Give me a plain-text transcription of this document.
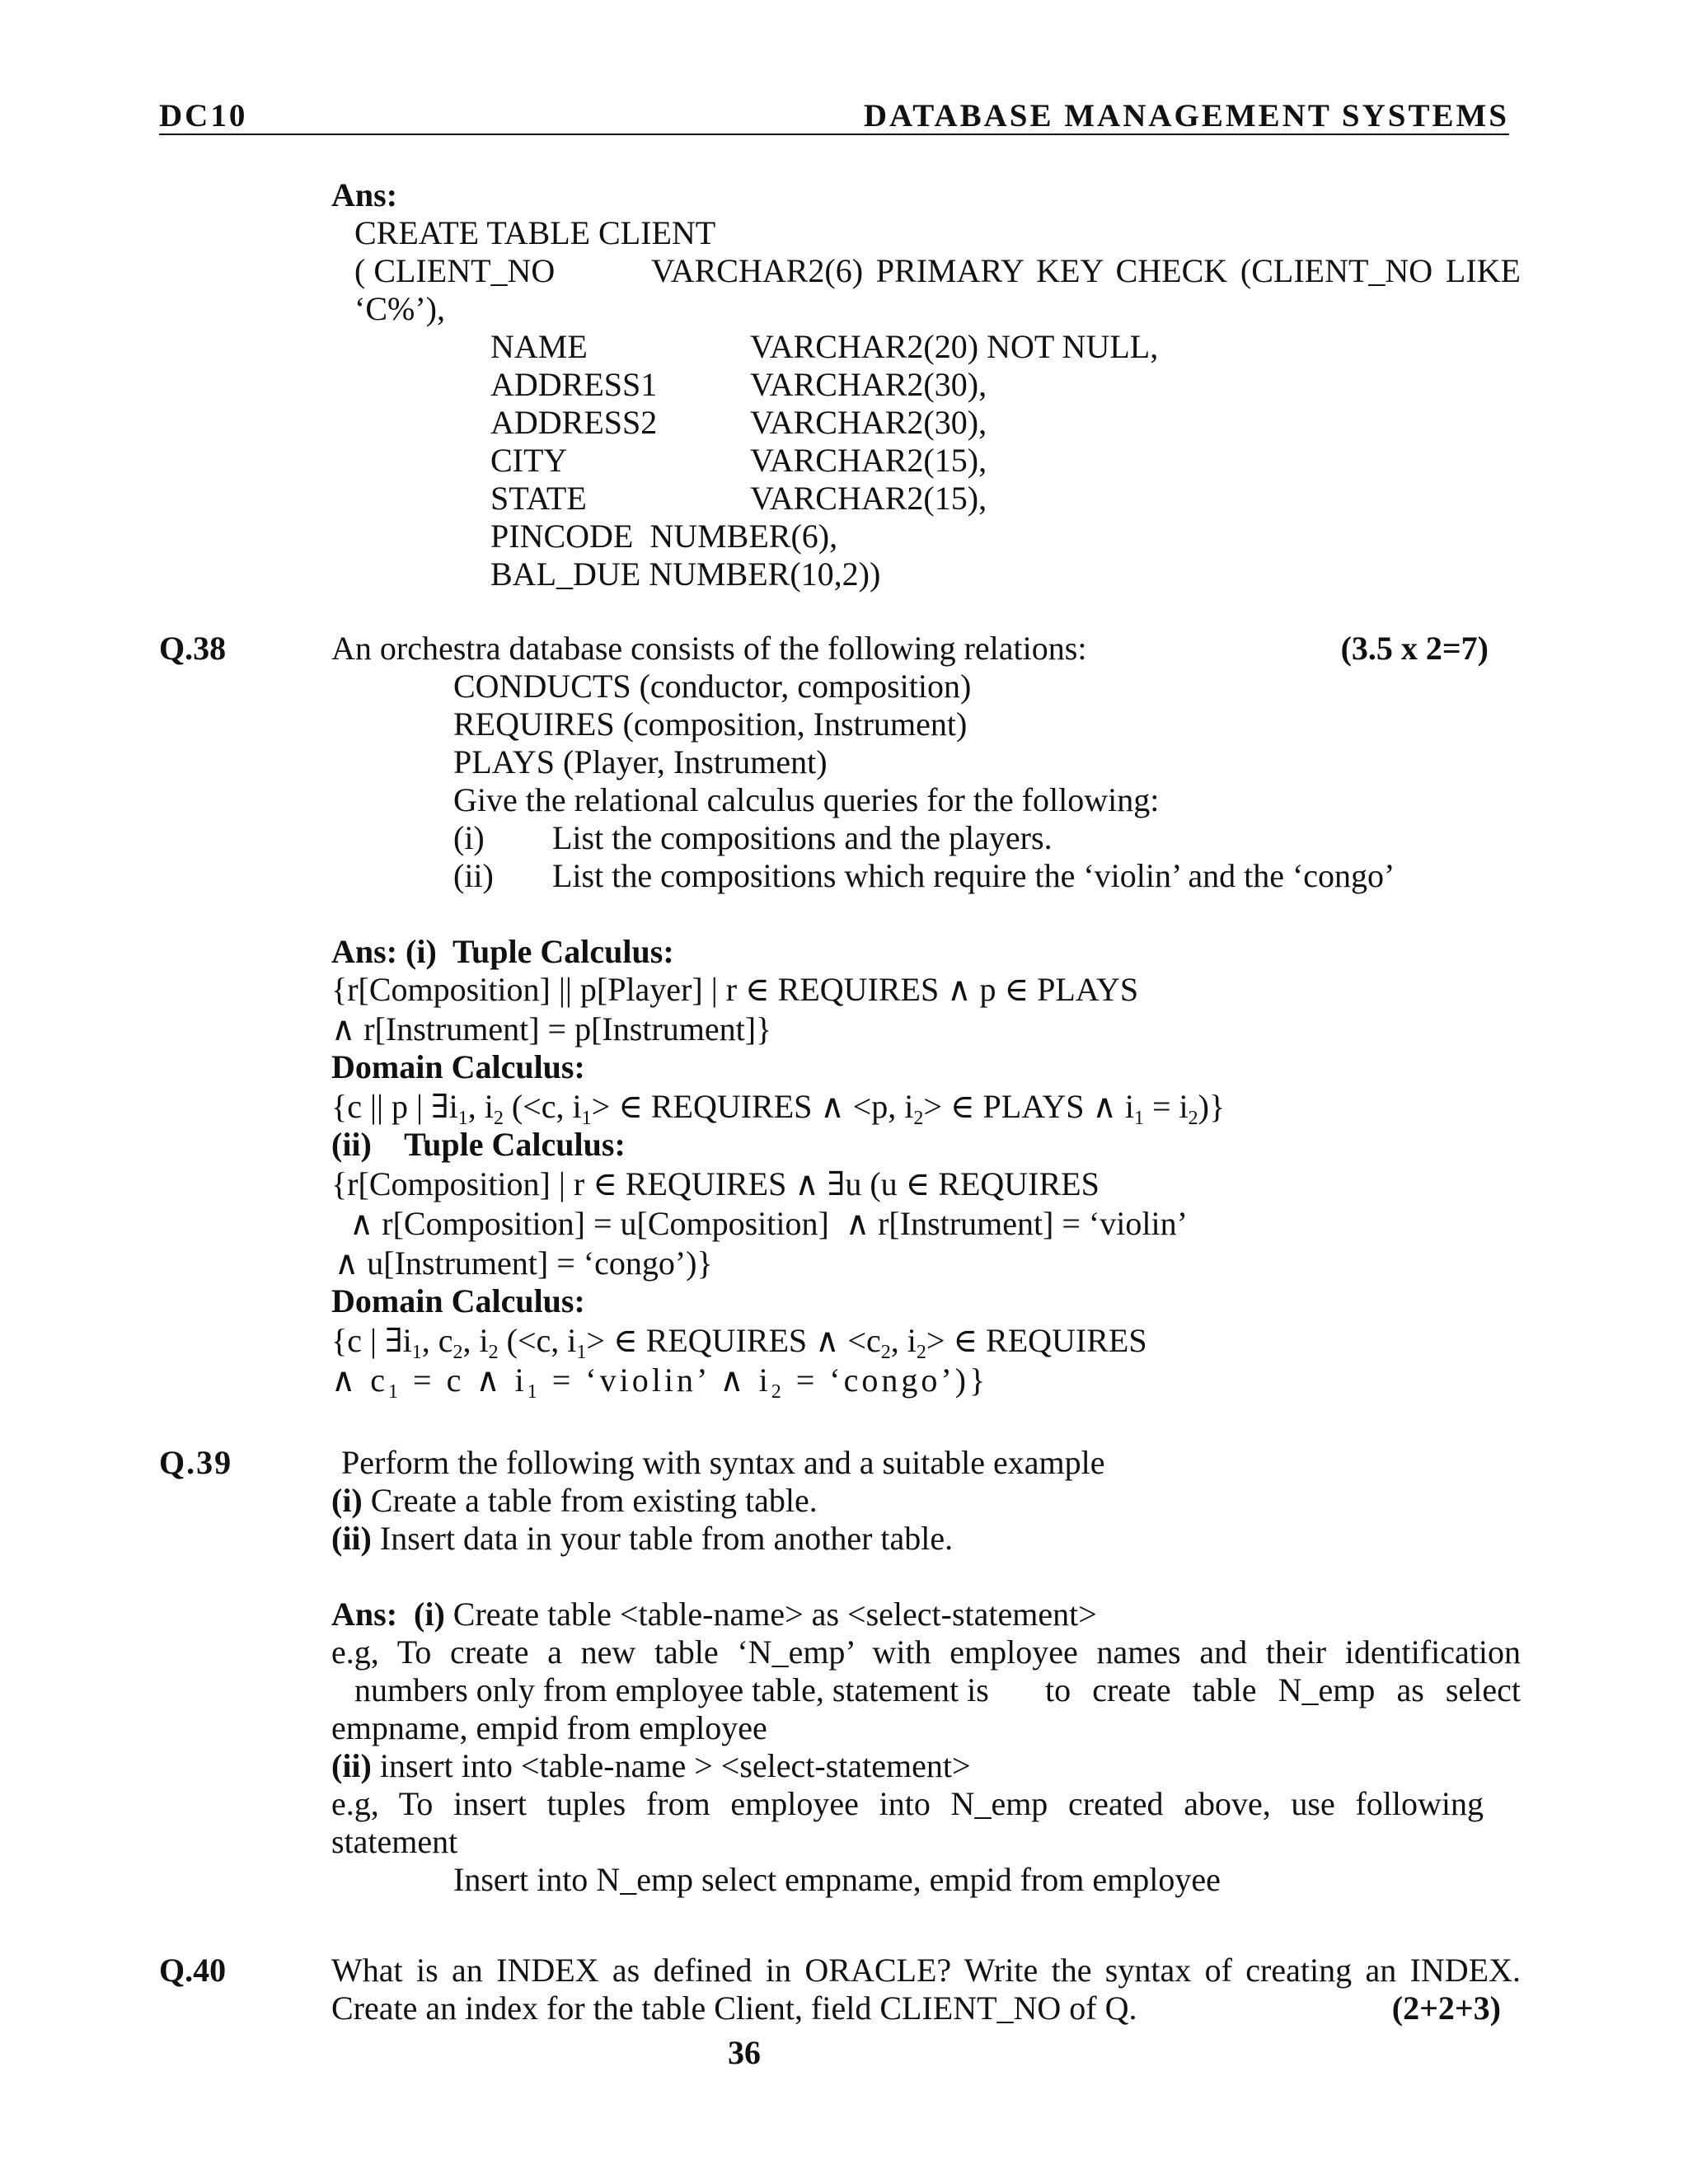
DC10	DATABASE MANAGEMENT SYSTEMS
Ans:
CREATE TABLE CLIENT
( CLIENT_NO	VARCHAR2(6) PRIMARY KEY CHECK (CLIENT_NO LIKE
‘C%’),
NAME	VARCHAR2(20) NOT NULL,
ADDRESS1	VARCHAR2(30),
ADDRESS2	VARCHAR2(30),
CITY	VARCHAR2(15),
STATE	VARCHAR2(15),
PINCODE  NUMBER(6),
BAL_DUE NUMBER(10,2))
Q.38	An orchestra database consists of the following relations:	(3.5 x 2=7)
CONDUCTS (conductor, composition)
REQUIRES (composition, Instrument)
PLAYS (Player, Instrument)
Give the relational calculus queries for the following:
(i) List the compositions and the players.
(ii) List the compositions which require the ‘violin’ and the ‘congo’
Ans: (i)  Tuple Calculus:
{r[Composition] || p[Player] | r ∈ REQUIRES ∧ p ∈ PLAYS
∧ r[Instrument] = p[Instrument]}
Domain Calculus:
{c || p | $\exists i_1$, $i_2$ (<c, $i_1>$ ∈ REQUIRES ∧ <p, $i_2>$ ∈ PLAYS ∧ $i_1 = i_2$)}
(ii)    Tuple Calculus:
{r[Composition] | r ∈ REQUIRES ∧ ∃u (u ∈ REQUIRES
∧ r[Composition] = u[Composition]  ∧ r[Instrument] = ‘violin’
∧ u[Instrument] = ‘congo’)}
Domain Calculus:
{c | $\exists i_1$, $c_2$, $i_2$ (<c, $i_1>$ ∈ REQUIRES ∧ $<c_2$, $i_2>$ ∈ REQUIRES
∧ $c_1 = c$ ∧ $i_1$ = ‘violin’ ∧ $i_2$ = ‘congo’)}
Q.39	Perform the following with syntax and a suitable example
(i) Create a table from existing table.
(ii) Insert data in your table from another table.
Ans:  (i) Create table <table-name> as <select-statement>
e.g, To create a new table ‘N_emp’ with employee names and their identification
numbers only from employee table, statement is to create table N_emp as select
empname, empid from employee
(ii) insert into <table-name > <select-statement>
e.g, To insert tuples from employee into N_emp created above, use following
statement
Insert into N_emp select empname, empid from employee
Q.40	What is an INDEX as defined in ORACLE? Write the syntax of creating an INDEX.
Create an index for the table Client, field CLIENT_NO of Q.	(2+2+3)
36
